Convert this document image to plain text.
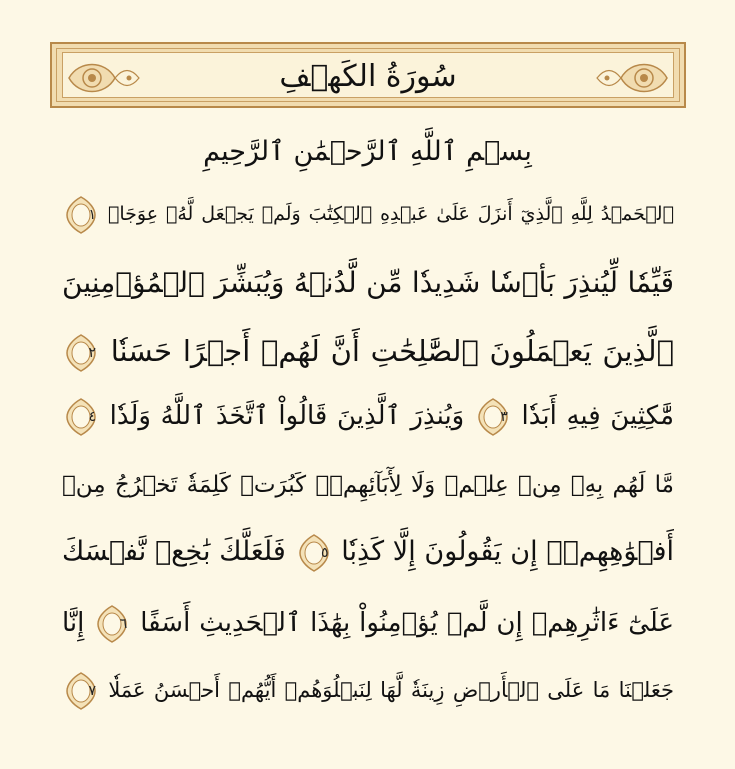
سُورَةُ الكَهۡفِ
بِسۡمِ ٱللَّهِ ٱلرَّحۡمَٰنِ ٱلرَّحِيمِ
ٱلۡحَمۡدُ لِلَّهِ ٱلَّذِيٓ أَنزَلَ عَلَىٰ عَبۡدِهِ ٱلۡكِتَٰبَ وَلَمۡ يَجۡعَل لَّهُۥ عِوَجَاۜ
١
قَيِّمٗا لِّيُنذِرَ بَأۡسٗا شَدِيدٗا مِّن لَّدُنۡهُ وَيُبَشِّرَ ٱلۡمُؤۡمِنِينَ
ٱلَّذِينَ يَعۡمَلُونَ ٱلصَّٰلِحَٰتِ أَنَّ لَهُمۡ أَجۡرًا حَسَنٗا
٢
مَّٰكِثِينَ فِيهِ أَبَدٗا
٣
وَيُنذِرَ ٱلَّذِينَ قَالُواْ ٱتَّخَذَ ٱللَّهُ وَلَدٗا
٤
مَّا لَهُم بِهِۦ مِنۡ عِلۡمٖ وَلَا لِأٓبَآئِهِمۡۚ كَبُرَتۡ كَلِمَةٗ تَخۡرُجُ مِنۡ
أَفۡوَٰهِهِمۡۚ إِن يَقُولُونَ إِلَّا كَذِبٗا
٥
فَلَعَلَّكَ بَٰخِعٞ نَّفۡسَكَ
عَلَىٰٓ ءَاثَٰرِهِمۡ إِن لَّمۡ يُؤۡمِنُواْ بِهَٰذَا ٱلۡحَدِيثِ أَسَفًا
٦
إِنَّا
جَعَلۡنَا مَا عَلَى ٱلۡأَرۡضِ زِينَةٗ لَّهَا لِنَبۡلُوَهُمۡ أَيُّهُمۡ أَحۡسَنُ عَمَلٗا
٧
